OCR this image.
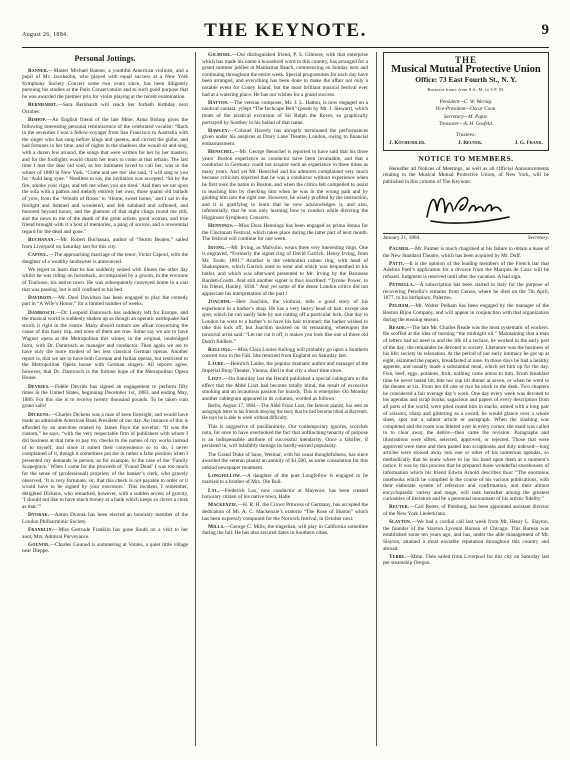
August 26, 1884.	THE KEYNOTE.	9
Personal Jottings.

Banner.—Master Michael Banner, a youthful American violinist, and a pupil of Mr. Jacobsohn, who played with equal success at a New York Symphony Society Concert some two years since, has been diligently pursuing his studies at the Paris Conservatoire and to such good purpose that he was awarded the premier prix for violin playing at the recent examination.

Bernhardt.—Sara Bernhardt will reach her fortieth birthday next October.

Bishop.—An English friend of the late Mme. Anna Bishop gives the following interesting personal reminiscence of the celebrated vocalist: “Back in the seventies I was a fellow-voyager from San Francisco to Australia with the singer who has sung before kings and queens, and circled the globe, and had fortunes in her time, and of nights in the shadows she would sit and sing, with a dozen few around, the songs that were written for her by her masters, and for the footlights would charm her tears to come at that refrain. The last time I met the dear old soul, as her intimates loved to call her, was in the winter of 1880 in New York. ‘Come and see me’ she said, ‘I will sing to you for ‘Auld lang syne.’’ Needless to say, the invitation was accepted. ‘Sit by the fire, smoke your cigar, and tell me when you are tired.’ And then we sat upon the sofa with a pathos and melody entirely her own, those quaint old ballads of yore, from the ‘Wreath of Roses’ to ‘Home, sweet home,’ and I sat in the firelight and listened and wondered, and felt subdued and softened, and honored beyond honor, and the glamour of that night clings round me still, and the news to me of the death of the great artiste, good woman, and true friend brought with it a host of memories, a pang of sorrow, and a reverential regard for the dead and gone.”

Buchanan.—Mr. Robert Buchanan, author of “Storm Beaten,” sailed from Liverpool on Saturday last for this city.

Capoul.—The approaching marriage of the tenor, Victor Capoul, with the daughter of a wealthy landowner is announced.

We regret to learn that he has suddenly seized with illness the other day whilst he was riding on horseback, accompanied by a groom, in the environs of Toulouse, his native town. He was subsequently conveyed home in a cart that was passing, but is still confined to his bed.

Davidson.—Mr. Doré Davidson has been engaged to play the comedy part in “A Wife’s Honor,” for a limited number of weeks.

Damrosch.—Dr. Leopold Damrosch has suddenly left for Europe, and the musical world is suddenly shaken up as though an operatic earthquake had struck it right in the centre. Many absurd rumors are afloat concerning the cause of this hasty trip, and none of them are true. Some say we are to have Wagner opera at the Metropolitan this winter, in the original, unabridged form, with Dr. Damrosch as manager and conductor. Then again we are to have only the more modest of her less classical German operas. Another report is, that we are to have both German and Italian operas, but restricted to the Metropolitan Opera house with German singers. All reports agree, however, that Dr. Damrosch is the fortune hope of the Metropolitan Opera House.

Devries.—Fidèle Devriès has signed an engagement to perform fifty times in the United States, beginning December 1st, 1883, and ending May, 1886. For this she is to receive twenty thousand pounds. To be taken cum grano salis!

Dickens.—Charles Dickens was a man of keen foresight, and would have made an admirable American Bank President of our day. An instance of this is afforded by an anecdote related by James Payn the novelist: “It was the custom,” he says, “with the very respectable firm of publishers with whom I did business at that time to pay my checks to the names of my works instead of to myself, and since it suited their convenience so to do, I never complained of it, though it sometimes put me in rather a false position when I presented my demands in person, as for example, in the case of the ‘Family Scapegrace.’ When I came for the proceeds of ‘Found Dead’ I was too much for the sense of (professional) propriety of the banker’s clerk, who gravely observed, ‘It is very fortunate, sir, that this check is not payable to order or it would have to be signed by your executors.’ This incident, I remember, delighted Dickens, who remarked, however, with a sudden access of gravity, ‘I should not like to have much money at a bank which keeps so clever a clerk as that.’”

Dvorak.—Anton Dvorak has been elected an honorary member of the London Philharmonic Society.

Franklin.—Miss Gertrude Franklin has gone South on a visit to her aunt, Mrs. Admiral Purveyance.

Gounod.—Charles Gounod is summering at Vontes, a quiet little village near Dieppe.

Gilmore.—Our distinguished friend, P. S. Gilmore, with that enterprise which has made his name a household word in this country, has arranged for a grand summer jubilee at Manhattan Beach, commencing on Sunday next and continuing throughout the entire week. Special programmes for each day have been arranged, and everything has been done to make the affair not only a notable event for Coney Island, but the most brilliant musical festival ever had at a watering place. He has our wishes for a grand success.

Hatton.—The veteran composer, Mr. J. L. Hatton, is now engaged on a nautical cantata, yclept “The Inchcape Bell” (poem by Mr. J. Stewart), which treats of the piratical excursion of Sir Ralph the Rover, so graphically portrayed by Southey in his ballad of that name.

Hawley.—Colonel Haverly has abruptly terminated the performances given under his auspices at Drury Lane Theatre, London, owing to financial embarrassment.

Henschel.—Mr. George Henschel is reported to have said that his three years’ Boston experience as conductor have been invaluable, and that a conductor in Germany could not acquire such an experience in three times as many years. And yet Mr. Henschel and his admirers complained very much because criticism objected that he was a conductor without experience when he first took the baton in Boston, and when the critics felt compelled to assist in teaching him by checking him when he was in the wrong path and by guiding him into the right one. However, he wisely profited by the instruction, and it is gratifying to learn that he now acknowledges it, and also, inferentially, that he was only learning how to conduct while directing the Higginson Symphony Concerts.

Hennings.—Miss Dora Hennings has been engaged as prima donna for the Cincinnati Festival, which takes place during the latter part of next month. The festival will continue for one week.

Irving.—Mr. Irving, as Malvolio, wears three very interesting rings. One is engraved, “Formerly the signet ring of David Garrick. Henry Irving, from Mr. Toole, 1881.” Another is the celebrated cameo ring, with head of Shakespeare, which Garrick used to wear and which was bequeathed to his butler, and which was afterward presented to Mr. Irving by the Baroness Burdett-Coutts. And still another signet is thus inscribed: “Tyrone Power, to his friend, Hanley, 1830.” And yet some of the dense London critics did not appreciate his interpretation of the part !

Joachim.—Herr Joachim, the violinist, tells a good story of his experience in a barber’s shop. He has a very heavy head of hair, except one spot, which he can easily hide by not cutting off a particular lock. One day in London he went to a barber’s to have his hair trimmed; the barber wished to take this lock off, but Joachim insisted on its remaining, whereupon the tonsorial artist said: “Let me cut it off, it makes you look like one of those old Dutch fiddlers.”

Kellogg.—Miss Clara Louise Kellogg will probably go upon a Southern concert tour in the Fall. She returned from England on Saturday last.

Laube.—Heinrich Laube, the popular dramatic author and manager of the Imperial Burg-Theater, Vienna, died in that city a short time since.

Liszt.—On Saturday last the Herald published a special cablegram to the effect that the Abbé Liszt had become totally blind, the result of excessive smoking and an incautious passion for brandy. This is enterprise. On Monday another cablegram appeared in its columns, worded as follows:

Berlin, August 17, 1884.—The Abbé Franz Liszt, the famous pianist, has sent an autograph letter to his friends denying the story that he had become blind at Bayreuth. He says he is able to work without difficulty.

This is suggestive of pusillanimity. Our contemporary ignores, scorchés nota, for once to have overlooked the fact that unflinching tenacity of purpose is an indispensable attribute of successful mendacity. Once a falsifier, if persisted in, will infallibly damage its hardly-earned popularity.

The Grand Duke of Saxe, Weimar, with his usual thoughtfulness, has since awarded the veteran pianist an annuity of $1,500, as some consolation for this unkind newspaper treatment.

Longfellow.—A daughter of the poet Longfellow is engaged to be married to a brother of Mrs. Ole Bull.

Lyl.—Frederick Lax, now conductor at Mayence, has been created honorary citizen of his native town, Halle.

Mackenzie.—H. R. H. the Crown Princess of Germany, has accepted the dedication of Mr. A. C. Mackenzie’s oratorio “The Rose of Sharon” which has been expressly composed for the Norwich festival, in October next.

Mills.—George C. Mills, the tragedian, will play in California sometime during the fall. He has also secured dates in Southern cities.

THE
Musical Mutual Protective Union
Office: 73 East Fourth St., N. Y.
Business hours from 8 A. M. to 5 P. M.
President—C. W. Wernig.
Vice-President—Oscar Coon.
Secretary—M. Papst.
Treasurer—A. H. Gosfeld.
Trustees:
J. Kochendler.	J. Reuter.	J. G. Frank.
NOTICE TO MEMBERS.

Hereafter all Notices of Meetings, as well as all Official Announcements relating to the Musical Mutual Protective Union, of New York, will be published in this column of The Keynote.

January 21, 1884.	Secretary.

Palmer.—Mr. Palmer is much chagrined at his failure to obtain a lease of the New Standard Theatre, which has been acquired by Mr. Duff.

Patti.—It is the opinion of the leading members of the French bar that Adelina Patti’s application for a divorce from the Marquis de Caux will be refused. Judgment is reserved until after the vacation. A bad sign.

Petrella.—A subscription has been started in Italy for the purpose of recovering Petrella’s remains from Genoa, where he died on the 7th April, 1877, to his birthplace, Palermo.

Pelham.—Mr. Walter Pelham has been engaged by the manager of the Boston Bijou Company, and will appear in conjunction with that organization during the ensuing season.

Reade.—The late Mr. Charles Reade was the most systematic of workers. He scoffed at the idea of burning “the midnight oil.” Maintaining that a man of letters had no need to and the life of a recluse, he worked in the early part of the day; the remainder he devoted to society. Literature was the business of his life; society its relaxation. At the period of our early intimacy he got up at eight, skimmed the papers, breakfasted at nine. In those days he had a healthy appetite, and usually made a substantial meal, which set him up for the day. Fish, beef, eggs, potatoes, fruit, nothing came amiss to him. From breakfast time he never tasted bit, bite nor sup till dinner at seven, or when he went to the theatre at six. From ten till one or two he stuck to the desk. Two chapters he considered a fair average day’s work. One day every week was devoted to his agendas and scrap books; sagacious and papers of every description from all parts of the world, were piled round him in stacks, armed with a long pair of scissors, sharp and glittering as a sword, he would glance over a whole sheet, spot out a salient article or paragraph. When the slashing was completed and the room was littered over in every corner, the maid was called in to clear away the debris—then came the revision. Paragraphs and illustrations were sifted, selected, approved, or rejected. Those that were approved were there and then pasted into scrapbooks and duly indexed—long articles were stowed away into one or other of his numerous agendas, so methodically that he knew where to lay his hand upon them at a moment’s notice. It was by this process that he prepared those wonderful storehouses of information which his friend Edwin Arnold describes thus: “The enormous notebooks which he compiled in the course of his various publications, with their elaborate system of reference and confirmation, and their almost encyclopaedic variety and range, will rank hereafter among the greatest curiosities of literature and be a perennial monument of his artistic fidelity.”

Reuter.—Carl Retter, of Pittsburg, has been appointed assistant director of the New York Liederkranz.

Slayton.—We had a cordial call last week from Mr. Henry L. Slayton, the founder of the Slayton Lyceum Bureau of Chicago. This Bureau was established some ten years ago, and has, under the able management of Mr. Slayton, attained a most enviable reputation throughout this country and abroad.

Tebbe.—Mme. Théo sailed from Liverpool for this city on Saturday last per steamship Oregon.
